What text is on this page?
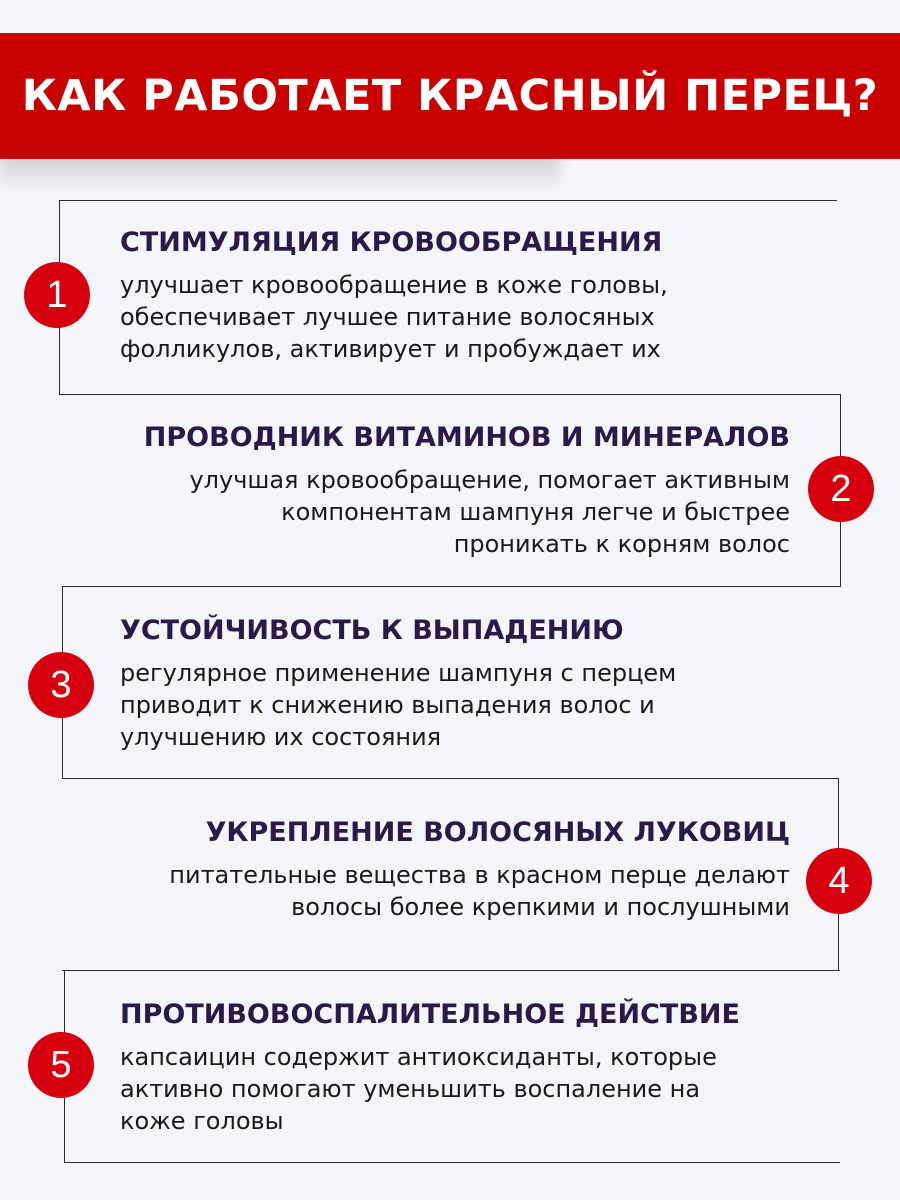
КАК РАБОТАЕТ КРАСНЫЙ ПЕРЕЦ?
1
СТИМУЛЯЦИЯ КРОВООБРАЩЕНИЯ
улучшает кровообращение в коже головы,
обеспечивает лучшее питание волосяных
фолликулов, активирует и пробуждает их
2
ПРОВОДНИК ВИТАМИНОВ И МИНЕРАЛОВ
улучшая кровообращение, помогает активным
компонентам шампуня легче и быстрее
проникать к корням волос
3
УСТОЙЧИВОСТЬ К ВЫПАДЕНИЮ
регулярное применение шампуня с перцем
приводит к снижению выпадения волос и
улучшению их состояния
4
УКРЕПЛЕНИЕ ВОЛОСЯНЫХ ЛУКОВИЦ
питательные вещества в красном перце делают
волосы более крепкими и послушными
5
ПРОТИВОВОСПАЛИТЕЛЬНОЕ ДЕЙСТВИЕ
капсаицин содержит антиоксиданты, которые
активно помогают уменьшить воспаление на
коже головы
